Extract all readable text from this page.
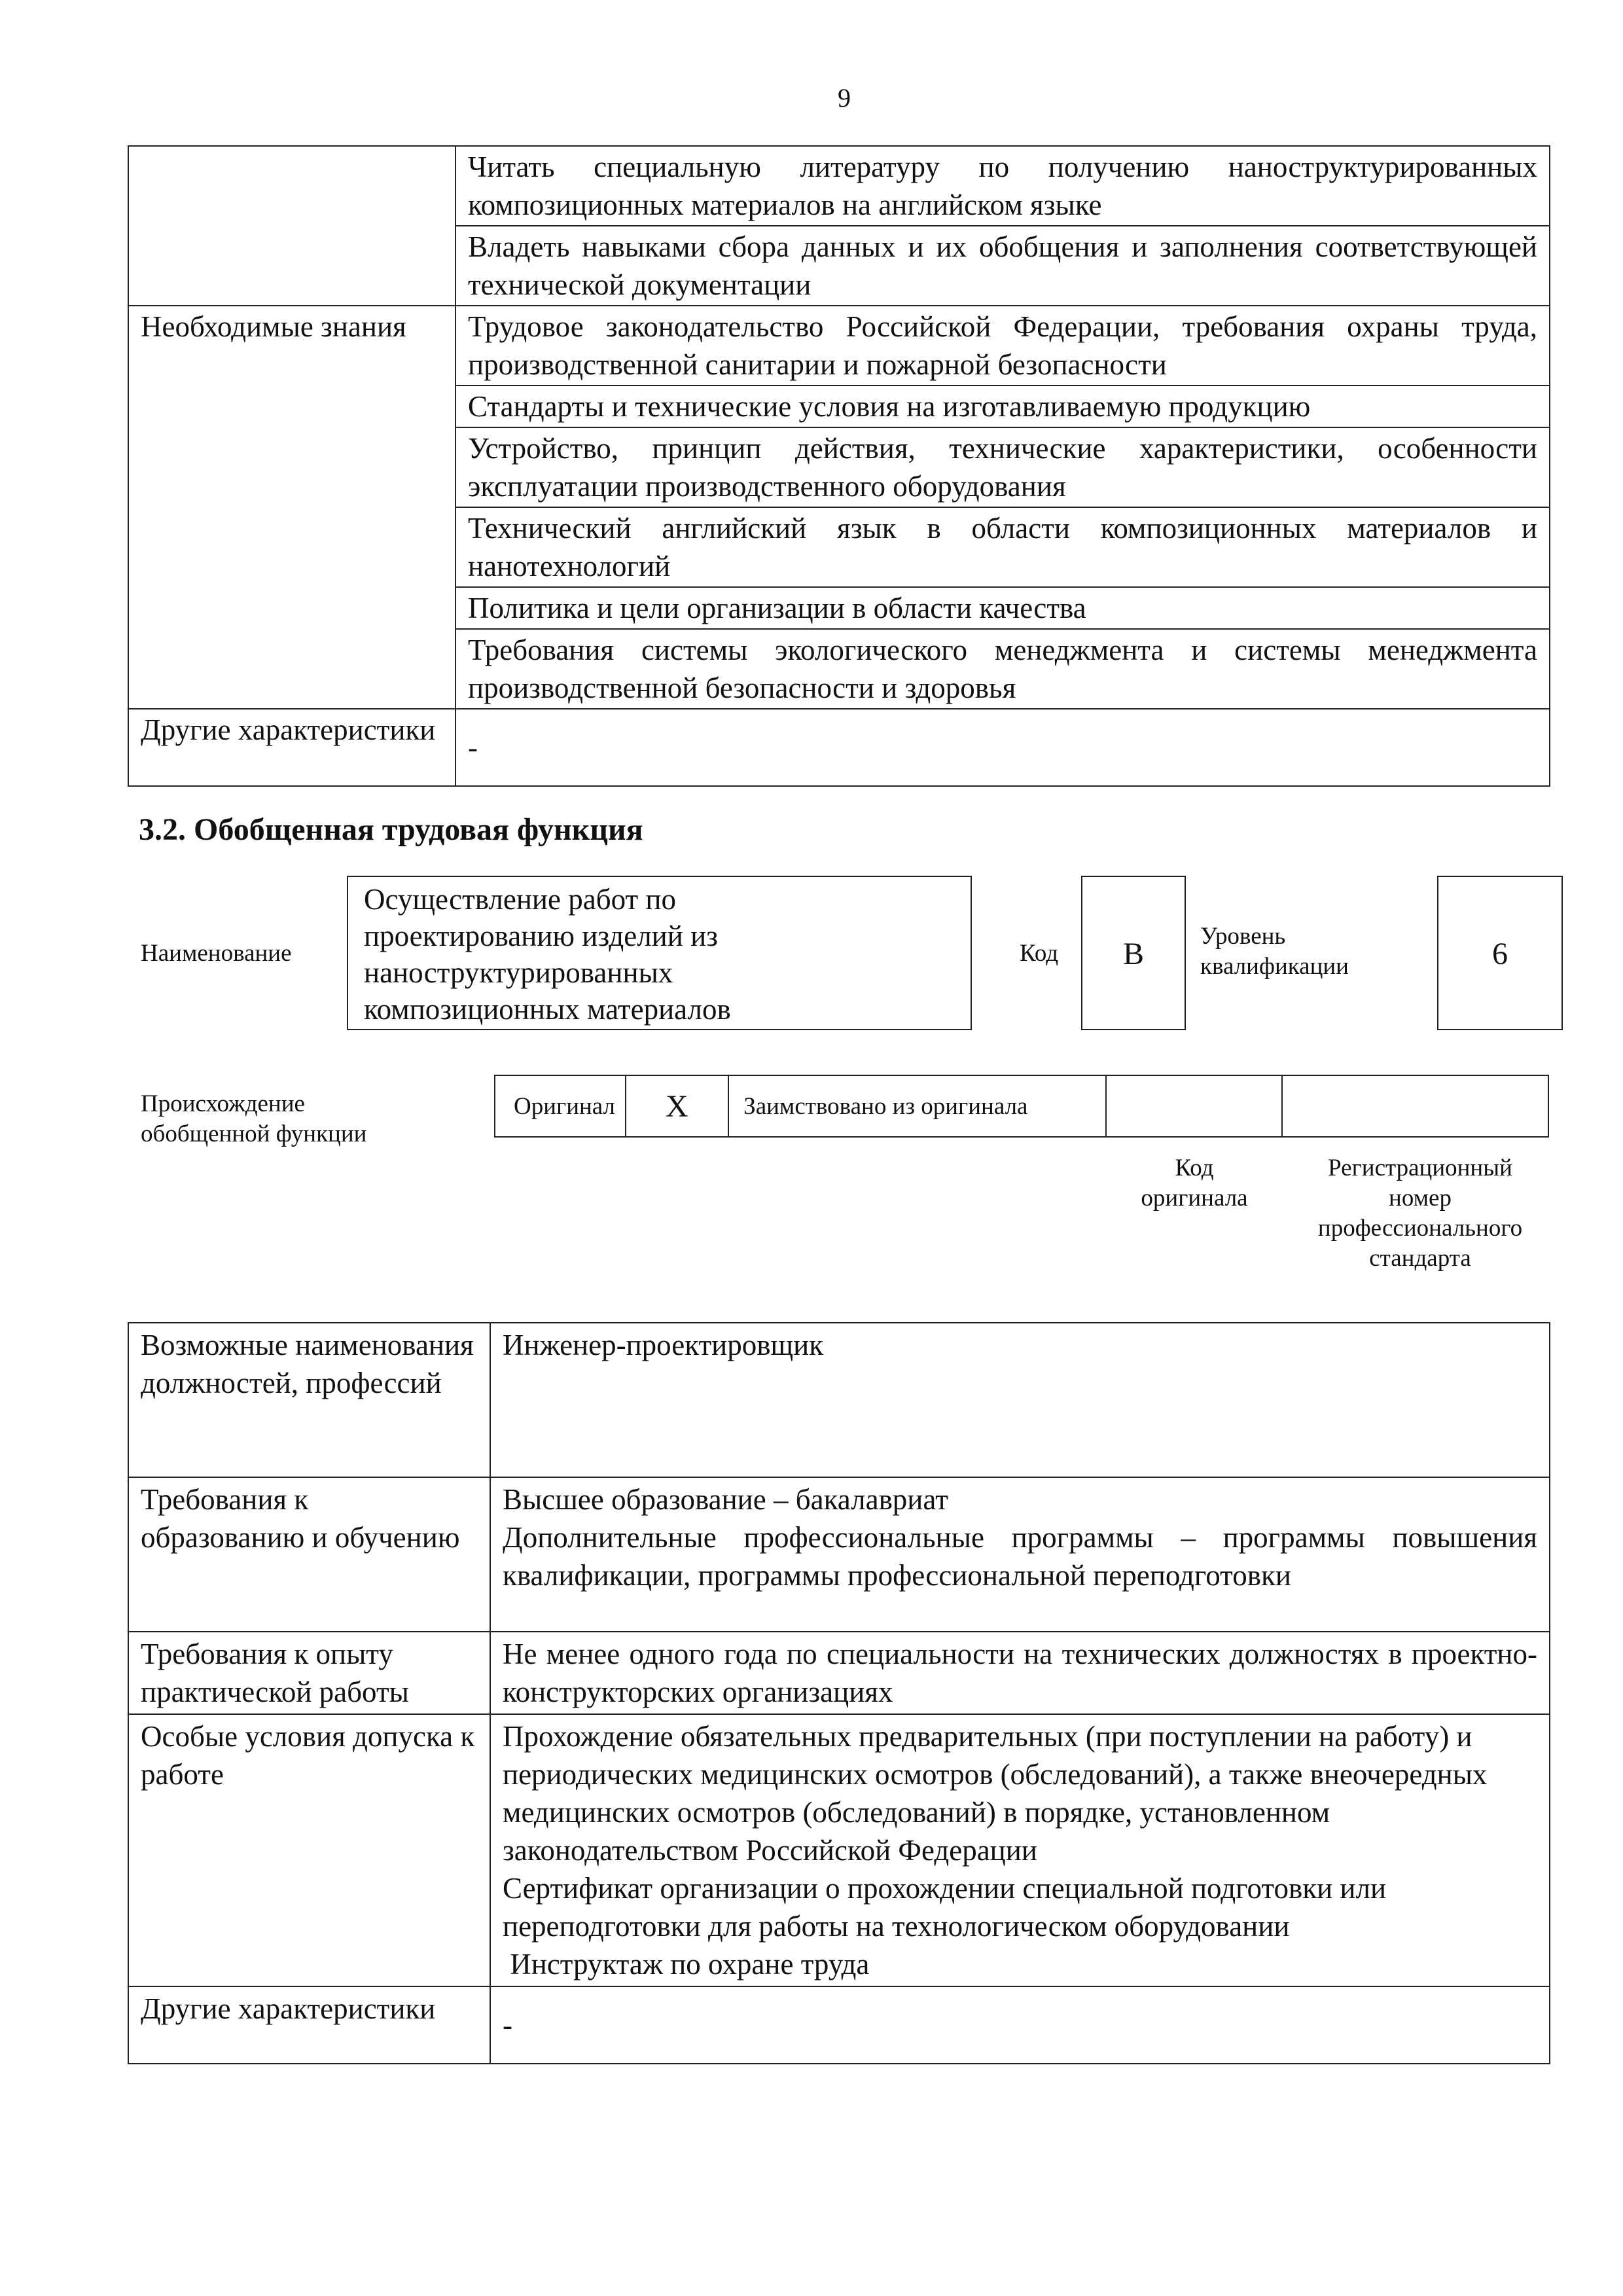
9
	Читать специальную литературу по получению наноструктурированных композиционных материалов на английском языке
	Владеть навыками сбора данных и их обобщения и заполнения соответствующей технической документации
Необходимые знания	Трудовое законодательство Российской Федерации, требования охраны труда, производственной санитарии и пожарной безопасности
	Стандарты и технические условия на изготавливаемую продукцию
	Устройство, принцип действия, технические характеристики, особенности эксплуатации производственного оборудования
	Технический английский язык в области композиционных материалов и нанотехнологий
	Политика и цели организации в области качества
	Требования системы экологического менеджмента и системы менеджмента производственной безопасности и здоровья
Другие характеристики	-
3.2. Обобщенная трудовая функция
Наименование
Осуществление работ по
проектированию изделий из
наноструктурированных
композиционных материалов
Код	B
Уровень
квалификации	6
Происхождение
обобщенной функции
Оригинал	X	Заимствовано из оригинала
Код
оригинала
Регистрационный
номер
профессионального
стандарта
Возможные наименования должностей, профессий	Инженер-проектировщик

Требования к образованию и обучению	Высшее образование – бакалавриат
Дополнительные профессиональные программы – программы повышения квалификации, программы профессиональной переподготовки

Требования к опыту практической работы	Не менее одного года по специальности на технических должностях в проектно-конструкторских организациях

Особые условия допуска к работе	Прохождение обязательных предварительных (при поступлении на работу) и периодических медицинских осмотров (обследований), а также внеочередных медицинских осмотров (обследований) в порядке, установленном законодательством Российской Федерации
Сертификат организации о прохождении специальной подготовки или переподготовки для работы на технологическом оборудовании
Инструктаж по охране труда

Другие характеристики	-
